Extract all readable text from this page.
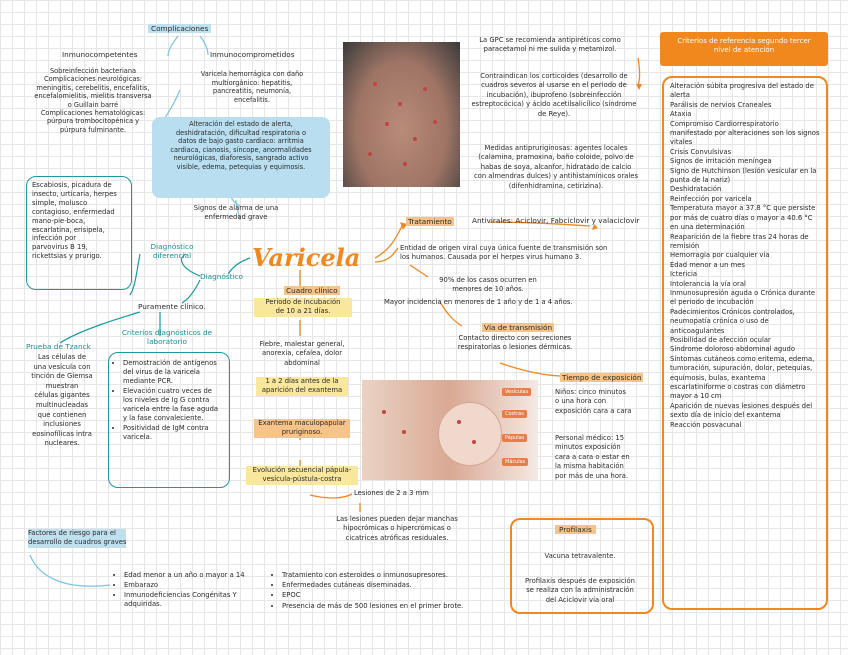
Complicaciones
Inmunocompetentes
Sobreinfección bacteriana
Complicaciones neurológicas:
meningitis, cerebelitis, encefalitis,
encefalomielitis, mielitis transversa
o Guillain barré
Complicaciones hematológicas:
púrpura trombocitopénica y
púrpura fulminante.
Inmunocomprometidos
Varicela hemorrágica con daño
multiorgánico: hepatitis,
pancreatitis, neumonía,
encefalitis.
Alteración del estado de alerta,
deshidratación, dificultad respiratoria o
datos de bajo gasto cardiaco: arritmia
cardiaca, cianosis, síncope, anormalidades
neurológicas, diaforesis, sangrado activo
visible, edema, petequias y equimosis.
Signos de alarma de una
enfermedad grave
Escabiosis, picadura de
insecto, urticaria, herpes
simple, molusco
contagioso, enfermedad
mano-pie-boca,
escarlatina, erisipela,
infección por
parvovirus B 19,
rickettsias y prurigo.
Diagnóstico
diferencial
Diagnóstico
Puramente clínico.
Criterios diagnósticos de
laboratorio
• Demostración de antígenos del virus de la varicela mediante PCR.
• Elevación cuatro veces de los niveles de Ig G contra varicela entre la fase aguda y la fase convaleciente.
• Positividad de IgM contra varicela.
Prueba de Tzanck
Las células de
una vesícula con
tinción de Giemsa
muestran
células gigantes
multinucleadas
que contienen
inclusiones
eosinofílicas intra
nucleares.
Varicela
La GPC se recomienda antipiréticos como
paracetamol ni me sulida y metamizol.
Contraindican los corticoides (desarrollo de
cuadros severos al usarse en el periodo de
incubación), ibuprofeno (sobreinfección
estreptocócica) y ácido acetilsalicílico (síndrome
de Reye).
Medidas antipruriginosas: agentes locales
(calamina, pramoxina, baño coloide, polvo de
habas de soya, alcanfor, hidratado de calcio
con almendras dulces) y antihistamínicos orales
(difenhidramina, cetirizina).
Tratamiento	Antivirales: Aciclovir, Fabciclovir y valaciclovir
Entidad de origen viral cuya única fuente de transmisión son
los humanos. Causada por el herpes virus humano 3.
90% de los casos ocurren en
menores de 10 años.
Mayor incidencia en menores de 1 año y de 1 a 4 años.
Vía de transmisión
Contacto directo con secreciones
respiratorias o lesiones dérmicas.
Tiempo de exposición
Niños: cinco minutos
o una hora con
exposición cara a cara
Personal médico: 15
minutos exposición
cara a cara o estar en
la misma habitación
por más de una hora.
Vesículas
Costras
Pápulas
Máculas
Cuadro clínico
Periodo de incubación
de 10 a 21 días.
Fiebre, malestar general,
anorexia, cefalea, dolor
abdominal
1 a 2 días antes de la
aparición del exantema
Exantema maculopapular
pruriginoso.
Evolución secuencial pápula-
vesícula-pústula-costra
Lesiones de 2 a 3 mm
Las lesiones pueden dejar manchas
hipocrómicas o hipercrómicas o
cicatrices atróficas residuales.
Factores de riesgo para el
desarrollo de cuadros graves
• Edad menor a un año o mayor a 14
• Embarazo
• Inmunodeficiencias Congénitas Y adquiridas.
• Tratamiento con esteroides o inmunosupresores.
• Enfermedades cutáneas diseminadas.
• EPOC
• Presencia de más de 500 lesiones en el primer brote.
Profilaxis
Vacuna tetravalente.
Profilaxis después de exposición
se realiza con la administración
del Aciclovir vía oral
Criterios de referencia segundo tercer
nivel de atención
Alteración súbita progresiva del estado de alerta
Parálisis de nervios Craneales
Ataxia
Compromiso Cardiorrespiratorio manifestado por alteraciones son los signos vitales
Crisis Convulsivas
Signos de irritación meníngea
Signo de Hutchinson (lesión vesicular en la punta de la nariz)
Deshidratación
Reinfección por varicela
Temperatura mayor a 37.8 °C que persiste por más de cuatro días o mayor a 40.6 °C en una determinación
Reaparición de la fiebre tras 24 horas de remisión
Hemorragia por cualquier vía
Edad menor a un mes
Ictericia
Intolerancia la vía oral
Inmunosupresión aguda o Crónica durante el periodo de incubación
Padecimientos Crónicos controlados, neumopatía crónica o uso de anticoagulantes
Posibilidad de afección ocular
Síndrome doloroso abdominal agudo
Síntomas cutáneos como eritema, edema, tumoración, supuración, dolor, petequias, equimosis, bulas, exantema escarlatiniforme o costras con diámetro mayor a 10 cm
Aparición de nuevas lesiones después del sexto día de inicio del exantema
Reacción posvacunal
